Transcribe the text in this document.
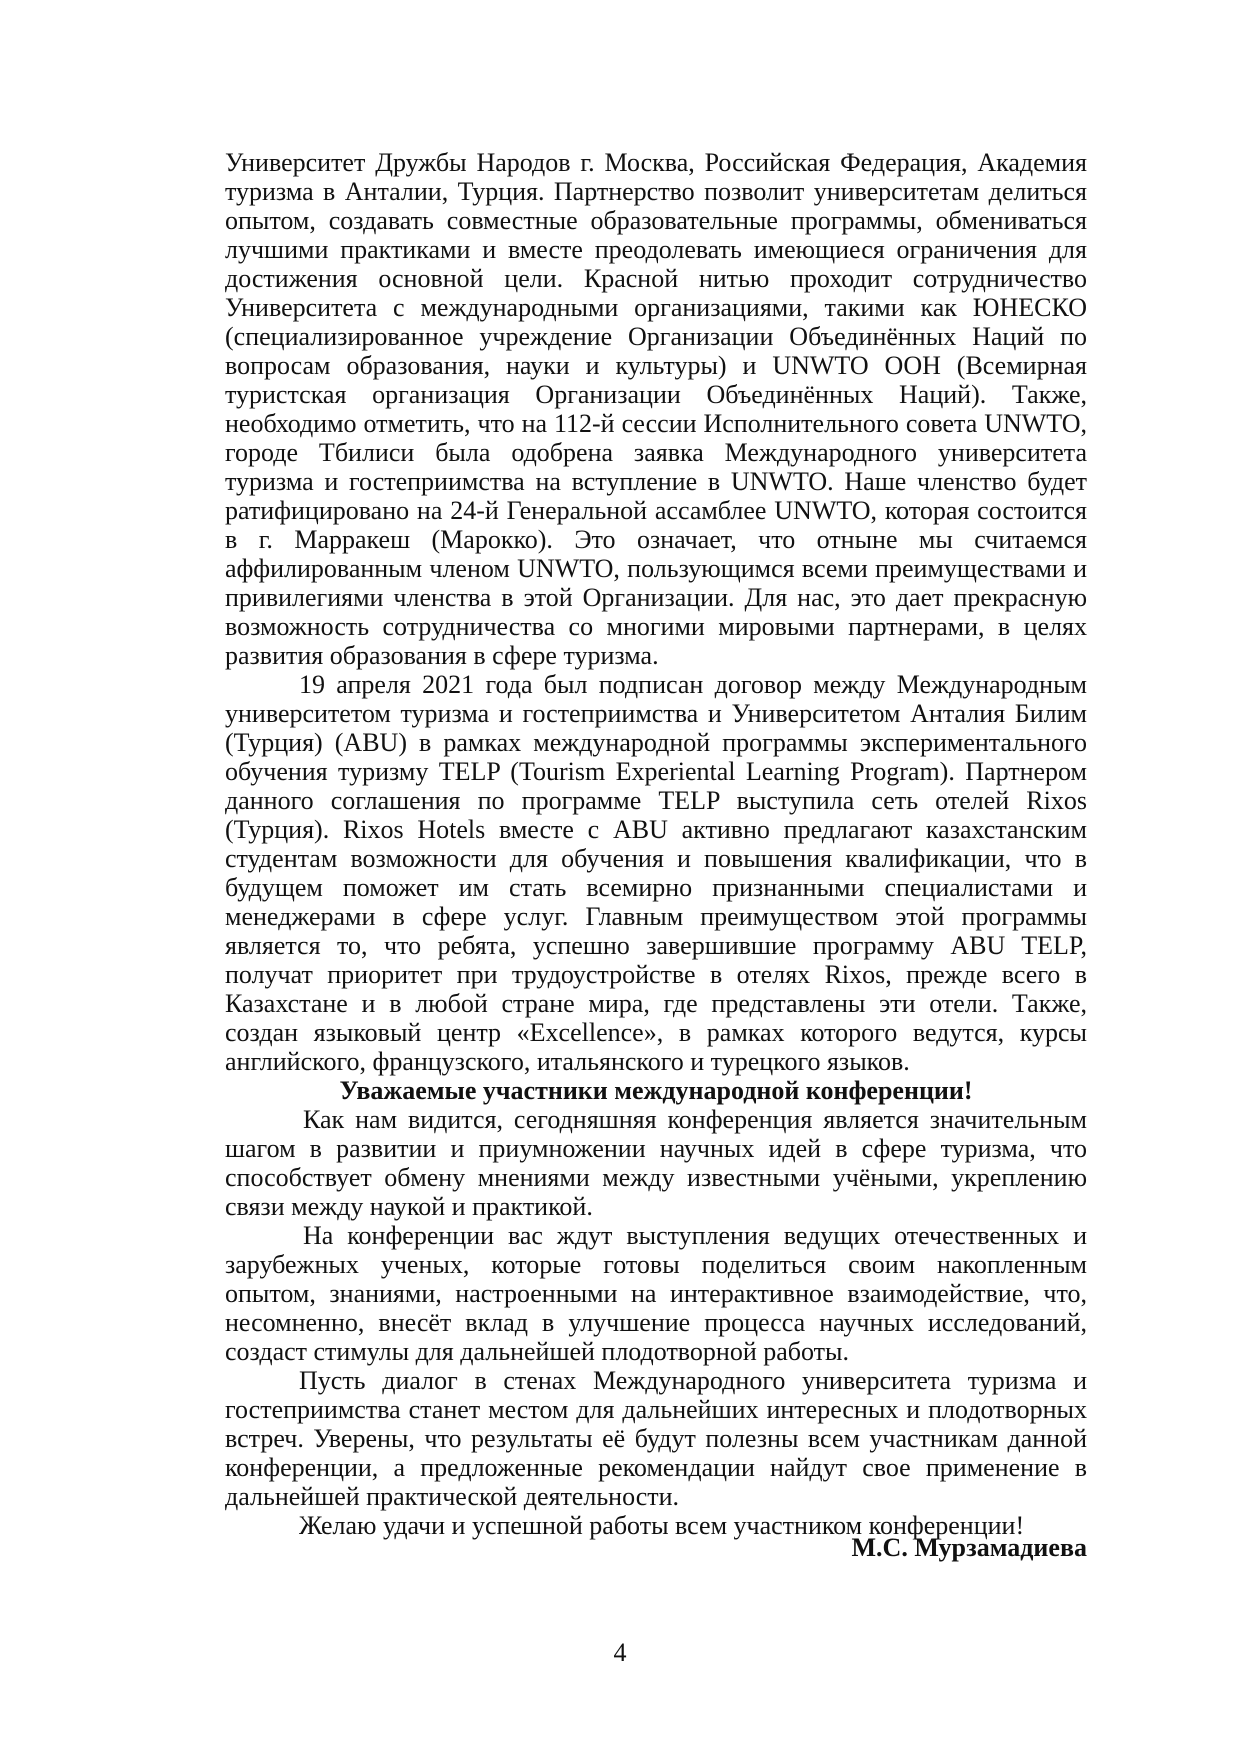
Университет Дружбы Народов г. Москва, Российская Федерация, Академия туризма в Анталии, Турция. Партнерство позволит университетам делиться опытом, создавать совместные образовательные программы, обмениваться лучшими практиками и вместе преодолевать имеющиеся ограничения для достижения основной цели. Красной нитью проходит сотрудничество Университета с международными организациями, такими как ЮНЕСКО (специализированное учреждение Организации Объединённых Наций по вопросам образования, науки и культуры) и UNWTO ООН (Всемирная туристская организация Организации Объединённых Наций). Также, необходимо отметить, что на 112-й сессии Исполнительного совета UNWTO, городе Тбилиси была одобрена заявка Международного университета туризма и гостеприимства на вступление в UNWTO. Наше членство будет ратифицировано на 24-й Генеральной ассамблее UNWTO, которая состоится в г. Марракеш (Марокко). Это означает, что отныне мы считаемся аффилированным членом UNWTO, пользующимся всеми преимуществами и привилегиями членства в этой Организации. Для нас, это дает прекрасную возможность сотрудничества со многими мировыми партнерами, в целях развития образования в сфере туризма.

19 апреля 2021 года был подписан договор между Международным университетом туризма и гостеприимства и Университетом Анталия Билим (Турция) (ABU) в рамках международной программы экспериментального обучения туризму TELP (Tourism Experiental Learning Program). Партнером данного соглашения по программе TELP выступила сеть отелей Rixos (Турция). Rixos Hotels вместе с ABU активно предлагают казахстанским студентам возможности для обучения и повышения квалификации, что в будущем поможет им стать всемирно признанными специалистами и менеджерами в сфере услуг. Главным преимуществом этой программы является то, что ребята, успешно завершившие программу ABU TELP, получат приоритет при трудоустройстве в отелях Rixos, прежде всего в Казахстане и в любой стране мира, где представлены эти отели. Также, создан языковый центр «Excellence», в рамках которого ведутся, курсы английского, французского, итальянского и турецкого языков.

Уважаемые участники международной конференции!

Как нам видится, сегодняшняя конференция является значительным шагом в развитии и приумножении научных идей в сфере туризма, что способствует обмену мнениями между известными учёными, укреплению связи между наукой и практикой.

На конференции вас ждут выступления ведущих отечественных и зарубежных ученых, которые готовы поделиться своим накопленным опытом, знаниями, настроенными на интерактивное взаимодействие, что, несомненно, внесёт вклад в улучшение процесса научных исследований, создаст стимулы для дальнейшей плодотворной работы.

Пусть диалог в стенах Международного университета туризма и гостеприимства станет местом для дальнейших интересных и плодотворных встреч. Уверены, что результаты её будут полезны всем участникам данной конференции, а предложенные рекомендации найдут свое применение в дальнейшей практической деятельности.

Желаю удачи и успешной работы всем участником конференции!

М.С. Мурзамадиева
4
